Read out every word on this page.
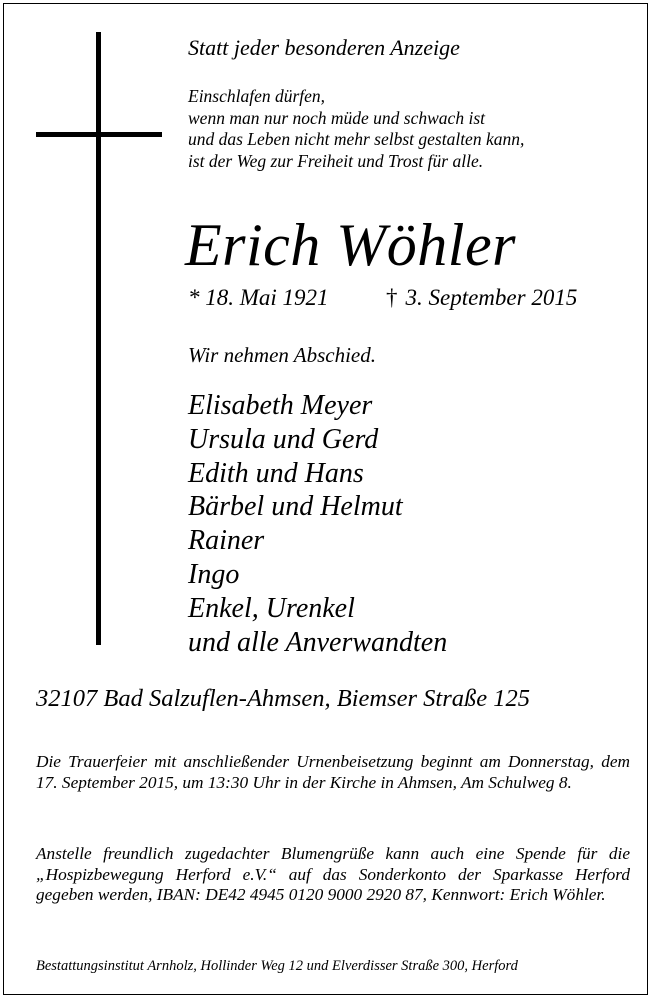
Statt jeder besonderen Anzeige
Einschlafen dürfen,
wenn man nur noch müde und schwach ist
und das Leben nicht mehr selbst gestalten kann,
ist der Weg zur Freiheit und Trost für alle.
Erich Wöhler
* 18. Mai 1921 † 3. September 2015
Wir nehmen Abschied.
Elisabeth Meyer
Ursula und Gerd
Edith und Hans
Bärbel und Helmut
Rainer
Ingo
Enkel, Urenkel
und alle Anverwandten
32107 Bad Salzuflen-Ahmsen, Biemser Straße 125
Die Trauerfeier mit anschließender Urnenbeisetzung beginnt am Donnerstag, dem 17. September 2015, um 13:30 Uhr in der Kirche in Ahmsen, Am Schulweg 8.
Anstelle freundlich zugedachter Blumengrüße kann auch eine Spende für die „Hospizbewegung Herford e.V.“ auf das Sonderkonto der Sparkasse Herford gegeben werden, IBAN: DE42 4945 0120 9000 2920 87, Kennwort: Erich Wöhler.
Bestattungsinstitut Arnholz, Hollinder Weg 12 und Elverdisser Straße 300, Herford
